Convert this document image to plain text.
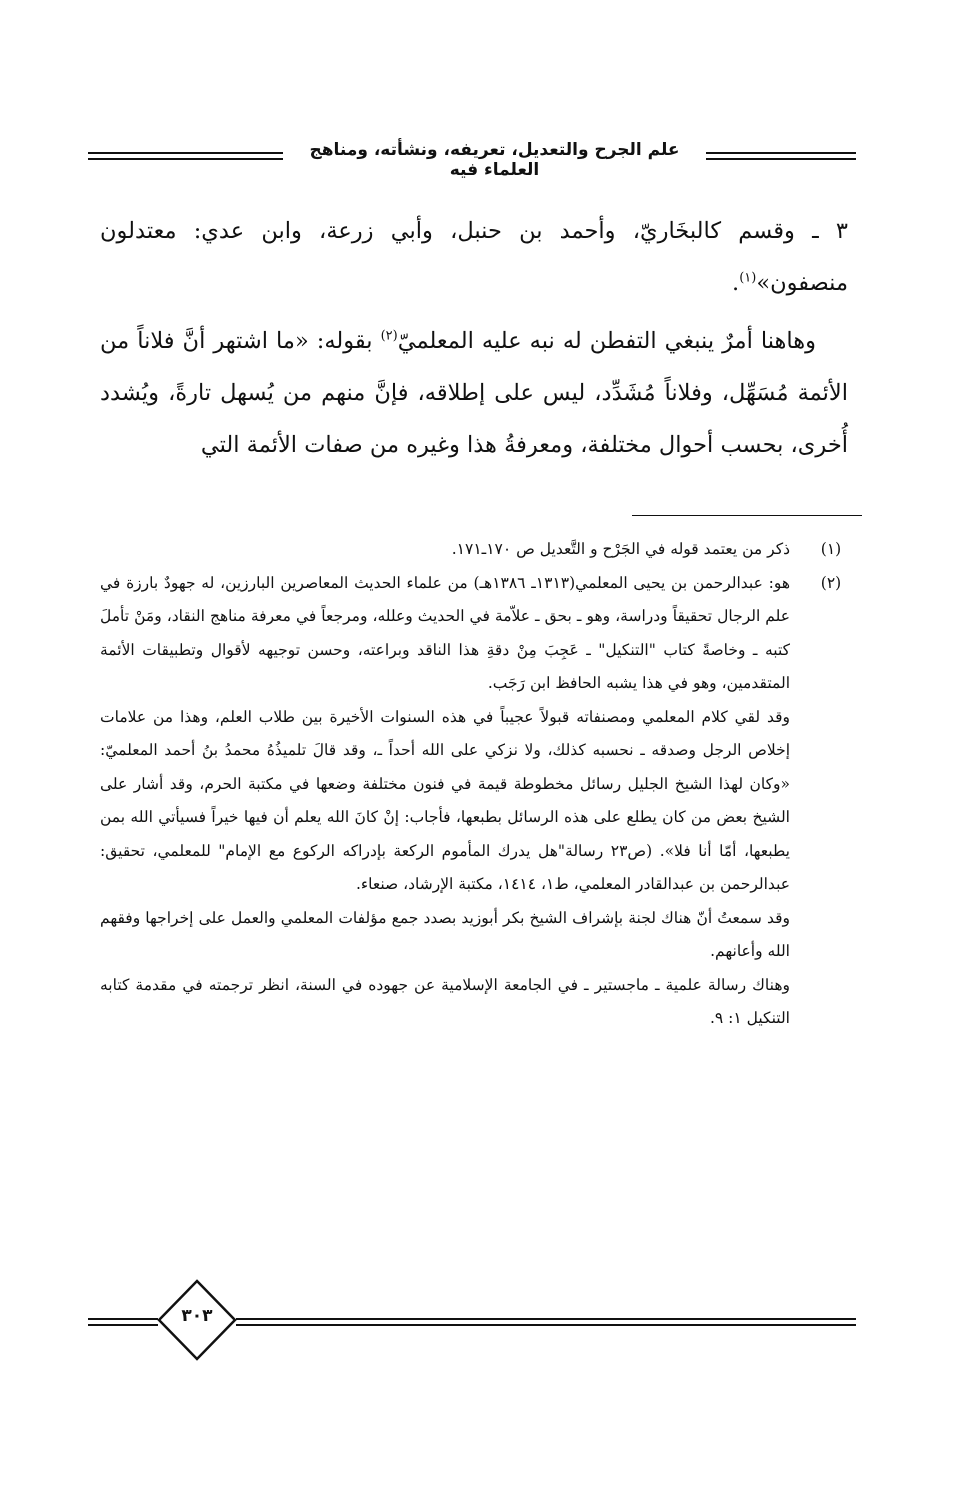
علم الجرح والتعديل، تعريفه، ونشأته، ومناهج العلماء فيه

٣ ـ وقسم كالبخَاريّ، وأحمد بن حنبل، وأبي زرعة، وابن عدي: معتدلون منصفون»$^{(١)}$.

وهاهنا أمرٌ ينبغي التفطن له نبه عليه المعلميّ$^{(٢)}$ بقوله: «ما اشتهر أنَّ فلاناً من الأئمة مُسَهِّل، وفلاناً مُشَدِّد، ليس على إطلاقه، فإنَّ منهم من يُسهل تارةً، ويُشدد أُخرى، بحسب أحوال مختلفة، ومعرفةُ هذا وغيره من صفات الأئمة التي

(١)
ذكر من يعتمد قوله في الجَرْح و التَّعديل ص ١٧٠ـ١٧١.

(٢)
هو: عبدالرحمن بن يحيى المعلمي(١٣١٣ـ ١٣٨٦هـ) من علماء الحديث المعاصرين البارزين، له جهودٌ بارزة في علم الرجال تحقيقاً ودراسة، وهو ـ بحق ـ علاّمة في الحديث وعلله، ومرجعاً في معرفة مناهج النقاد، ومَنْ تأملَ كتبه ـ وخاصةً كتاب "التنكيل" ـ عَجِبَ مِنْ دقةِ هذا الناقد وبراعته، وحسن توجيهه لأقوال وتطبيقات الأئمة المتقدمين، وهو في هذا يشبه الحافظ ابن رَجَب.

وقد لقي كلام المعلمي ومصنفاته قبولاً عجيباً في هذه السنوات الأخيرة بين طلاب العلم، وهذا من علامات إخلاص الرجل وصدقه ـ نحسبه كذلك، ولا نزكي على الله أحداً ـ، وقد قالَ تلميذُهُ محمدُ بنُ أحمد المعلميّ: «وكان لهذا الشيخ الجليل رسائل مخطوطة قيمة في فنون مختلفة وضعها في مكتبة الحرم، وقد أشار على الشيخ بعض من كان يطلع على هذه الرسائل بطبعها، فأجاب: إنْ كانَ الله يعلم أن فيها خيراً فسيأتي الله بمن يطبعها، أمّا أنا فلا». (ص٢٣ رسالة"هل يدرك المأموم الركعة بإدراكه الركوع مع الإمام" للمعلمي، تحقيق: عبدالرحمن بن عبدالقادر المعلمي، ط١، ١٤١٤، مكتبة الإرشاد، صنعاء.

وقد سمعتُ أنّ هناك لجنة بإشراف الشيخ بكر أبوزيد بصدد جمع مؤلفات المعلمي والعمل على إخراجها وفقهم الله وأعانهم.

وهناك رسالة علمية ـ ماجستير ـ في الجامعة الإسلامية عن جهوده في السنة، انظر ترجمته في مقدمة كتابه التنكيل ١: ٩.

٣٠٣
